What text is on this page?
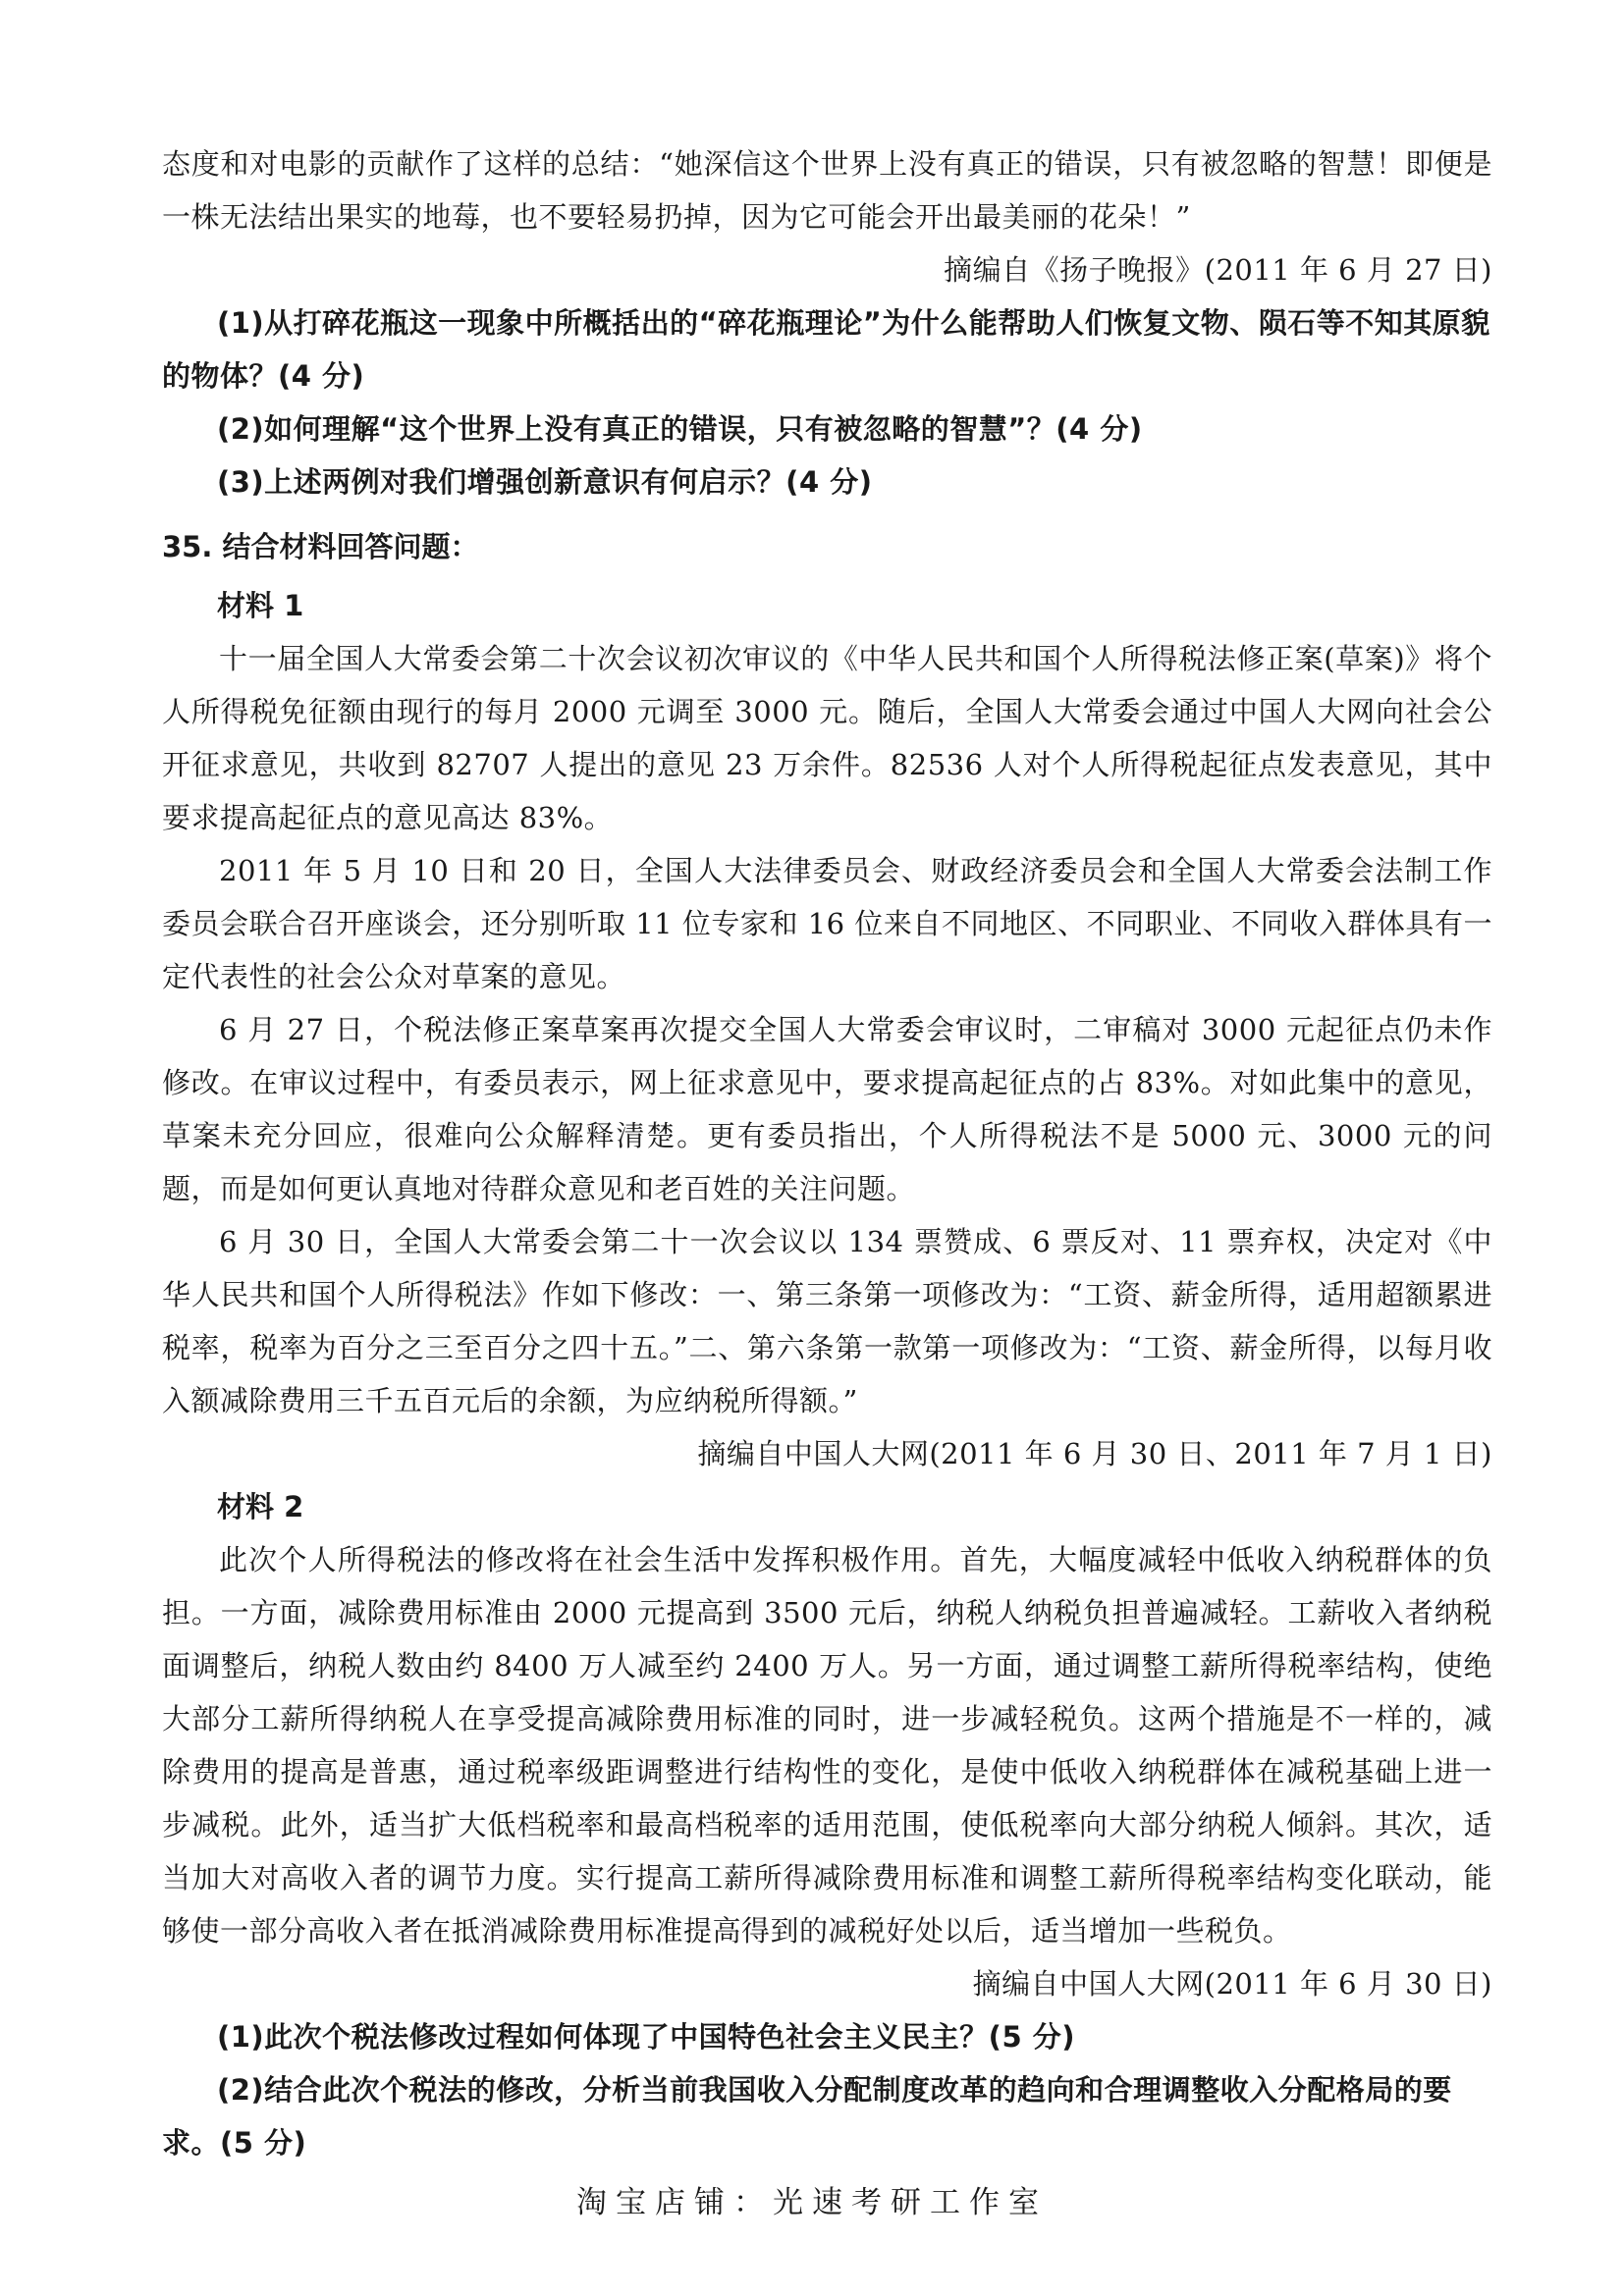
态度和对电影的贡献作了这样的总结：“她深信这个世界上没有真正的错误，只有被忽略的智慧！即便是一株无法结出果实的地莓，也不要轻易扔掉，因为它可能会开出最美丽的花朵！”

摘编自《扬子晚报》(2011 年 6 月 27 日)

(1)从打碎花瓶这一现象中所概括出的“碎花瓶理论”为什么能帮助人们恢复文物、陨石等不知其原貌的物体？(4 分)

(2)如何理解“这个世界上没有真正的错误，只有被忽略的智慧”？(4 分)

(3)上述两例对我们增强创新意识有何启示？(4 分)

35. 结合材料回答问题：

材料 1

十一届全国人大常委会第二十次会议初次审议的《中华人民共和国个人所得税法修正案(草案)》将个人所得税免征额由现行的每月 2000 元调至 3000 元。随后，全国人大常委会通过中国人大网向社会公开征求意见，共收到 82707 人提出的意见 23 万余件。82536 人对个人所得税起征点发表意见，其中要求提高起征点的意见高达 83%。

2011 年 5 月 10 日和 20 日，全国人大法律委员会、财政经济委员会和全国人大常委会法制工作委员会联合召开座谈会，还分别听取 11 位专家和 16 位来自不同地区、不同职业、不同收入群体具有一定代表性的社会公众对草案的意见。

6 月 27 日，个税法修正案草案再次提交全国人大常委会审议时，二审稿对 3000 元起征点仍未作修改。在审议过程中，有委员表示，网上征求意见中，要求提高起征点的占 83%。对如此集中的意见，草案未充分回应，很难向公众解释清楚。更有委员指出，个人所得税法不是 5000 元、3000 元的问题，而是如何更认真地对待群众意见和老百姓的关注问题。

6 月 30 日，全国人大常委会第二十一次会议以 134 票赞成、6 票反对、11 票弃权，决定对《中华人民共和国个人所得税法》作如下修改：一、第三条第一项修改为：“工资、薪金所得，适用超额累进税率，税率为百分之三至百分之四十五。”二、第六条第一款第一项修改为：“工资、薪金所得，以每月收入额减除费用三千五百元后的余额，为应纳税所得额。”

摘编自中国人大网(2011 年 6 月 30 日、2011 年 7 月 1 日)

材料 2

此次个人所得税法的修改将在社会生活中发挥积极作用。首先，大幅度减轻中低收入纳税群体的负担。一方面，减除费用标准由 2000 元提高到 3500 元后，纳税人纳税负担普遍减轻。工薪收入者纳税面调整后，纳税人数由约 8400 万人减至约 2400 万人。另一方面，通过调整工薪所得税率结构，使绝大部分工薪所得纳税人在享受提高减除费用标准的同时，进一步减轻税负。这两个措施是不一样的，减除费用的提高是普惠，通过税率级距调整进行结构性的变化，是使中低收入纳税群体在减税基础上进一步减税。此外，适当扩大低档税率和最高档税率的适用范围，使低税率向大部分纳税人倾斜。其次，适当加大对高收入者的调节力度。实行提高工薪所得减除费用标准和调整工薪所得税率结构变化联动，能够使一部分高收入者在抵消减除费用标准提高得到的减税好处以后，适当增加一些税负。

摘编自中国人大网(2011 年 6 月 30 日)

(1)此次个税法修改过程如何体现了中国特色社会主义民主？(5 分)

(2)结合此次个税法的修改，分析当前我国收入分配制度改革的趋向和合理调整收入分配格局的要求。(5 分)

淘宝店铺：光速考研工作室
